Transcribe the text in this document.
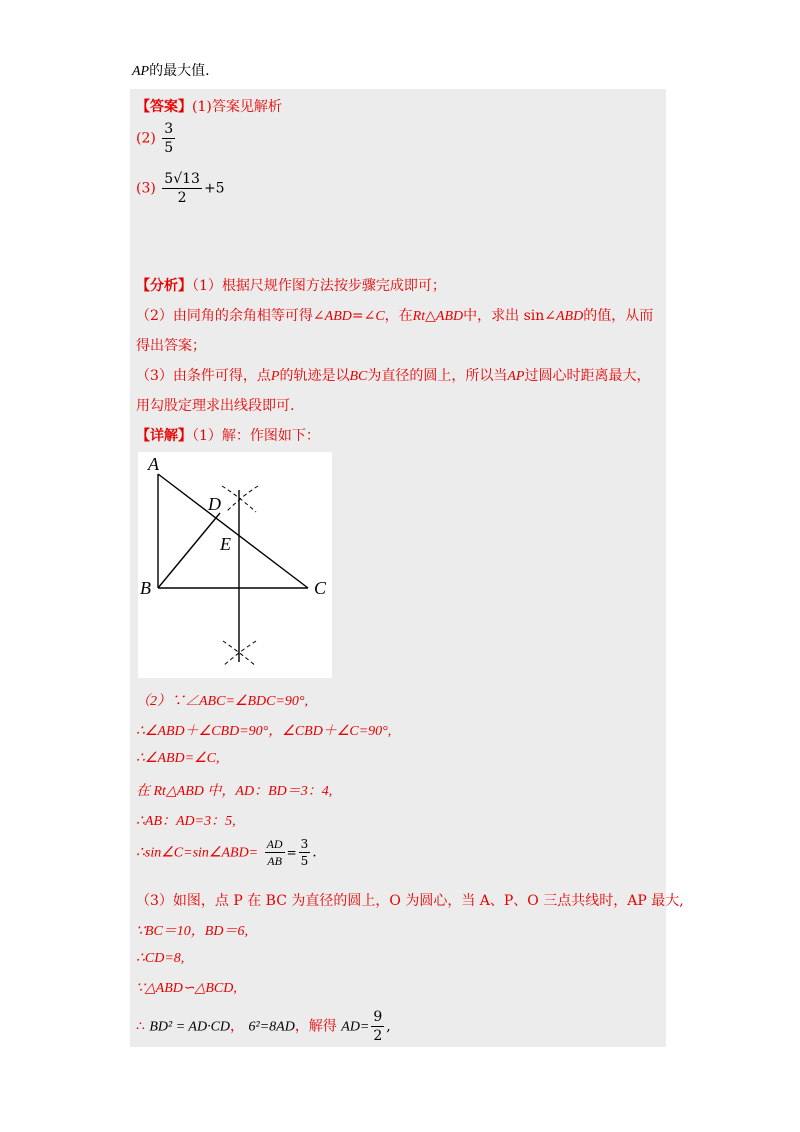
AP的最大值.
【答案】(1)答案见解析
$(2) \frac{3}{5}$
$(3) \frac{5√13}{2} +5$
【分析】（1）根据尺规作图方法按步骤完成即可；
（2）由同角的余角相等可得∠ABD=∠C，在Rt△ABD中，求出 sin∠ABD的值，从而
得出答案；
（3）由条件可得，点P的轨迹是以BC为直径的圆上，所以当AP过圆心时距离最大，
用勾股定理求出线段即可.
【详解】（1）解：作图如下：
A
B	C
D
E
（2）∵∠ABC=∠BDC=90°,
∴∠ABD＋∠CBD=90°，∠CBD＋∠C=90°,
∴∠ABD=∠C,
在 Rt△ABD 中，AD：BD＝3：4,
∴AB：AD=3：5,
∴sin∠C=sin∠ABD= $\frac{AD}{AB} = \frac{3}{5}$ .
（3）如图，点 P 在 BC 为直径的圆上，O 为圆心，当 A、P、O 三点共线时，AP 最大,
∵BC＝10，BD＝6,
∴CD=8,
∵△ABD∽△BCD,
∴ BD² = AD·CD， 6²=8AD，解得 $AD= \frac{9}{2}$ ,
